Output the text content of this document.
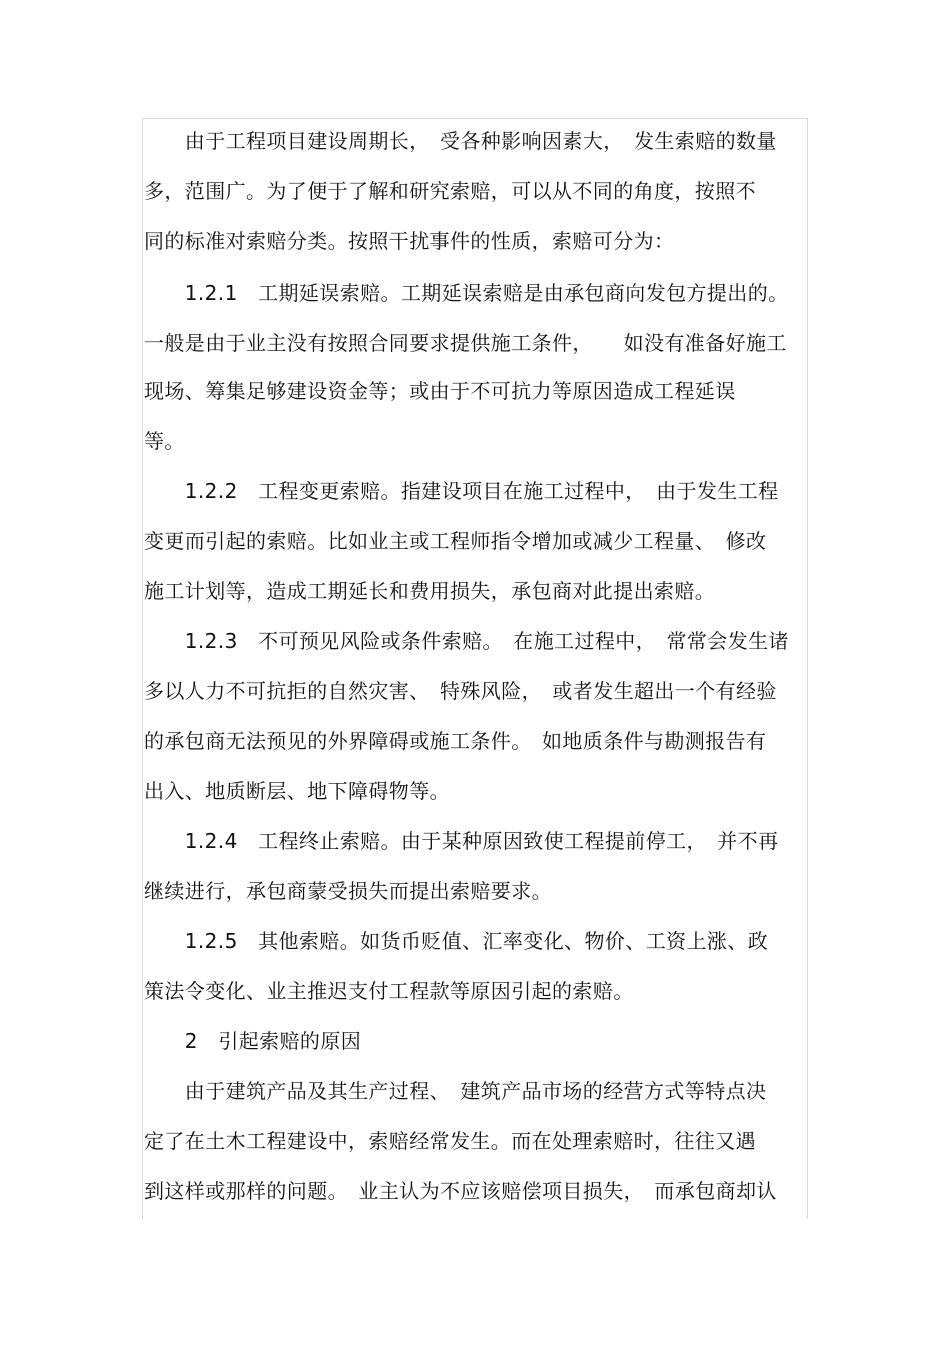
　　由于工程项目建设周期长，　受各种影响因素大，　发生索赔的数量
多，范围广。为了便于了解和研究索赔，可以从不同的角度，按照不
同的标准对索赔分类。按照干扰事件的性质，索赔可分为：
　　1.2.1　工期延误索赔。工期延误索赔是由承包商向发包方提出的。
一般是由于业主没有按照合同要求提供施工条件，　　如没有准备好施工
现场、筹集足够建设资金等；或由于不可抗力等原因造成工程延误
等。
　　1.2.2　工程变更索赔。指建设项目在施工过程中，　由于发生工程
变更而引起的索赔。比如业主或工程师指令增加或减少工程量、　修改
施工计划等，造成工期延长和费用损失，承包商对此提出索赔。
　　1.2.3　不可预见风险或条件索赔。　在施工过程中，　常常会发生诸
多以人力不可抗拒的自然灾害、　特殊风险，　或者发生超出一个有经验
的承包商无法预见的外界障碍或施工条件。　如地质条件与勘测报告有
出入、地质断层、地下障碍物等。
　　1.2.4　工程终止索赔。由于某种原因致使工程提前停工，　并不再
继续进行，承包商蒙受损失而提出索赔要求。
　　1.2.5　其他索赔。如货币贬值、汇率变化、物价、工资上涨、政
策法令变化、业主推迟支付工程款等原因引起的索赔。
　　2　引起索赔的原因
　　由于建筑产品及其生产过程、　建筑产品市场的经营方式等特点决
定了在土木工程建设中，索赔经常发生。而在处理索赔时，往往又遇
到这样或那样的问题。　业主认为不应该赔偿项目损失，　而承包商却认
